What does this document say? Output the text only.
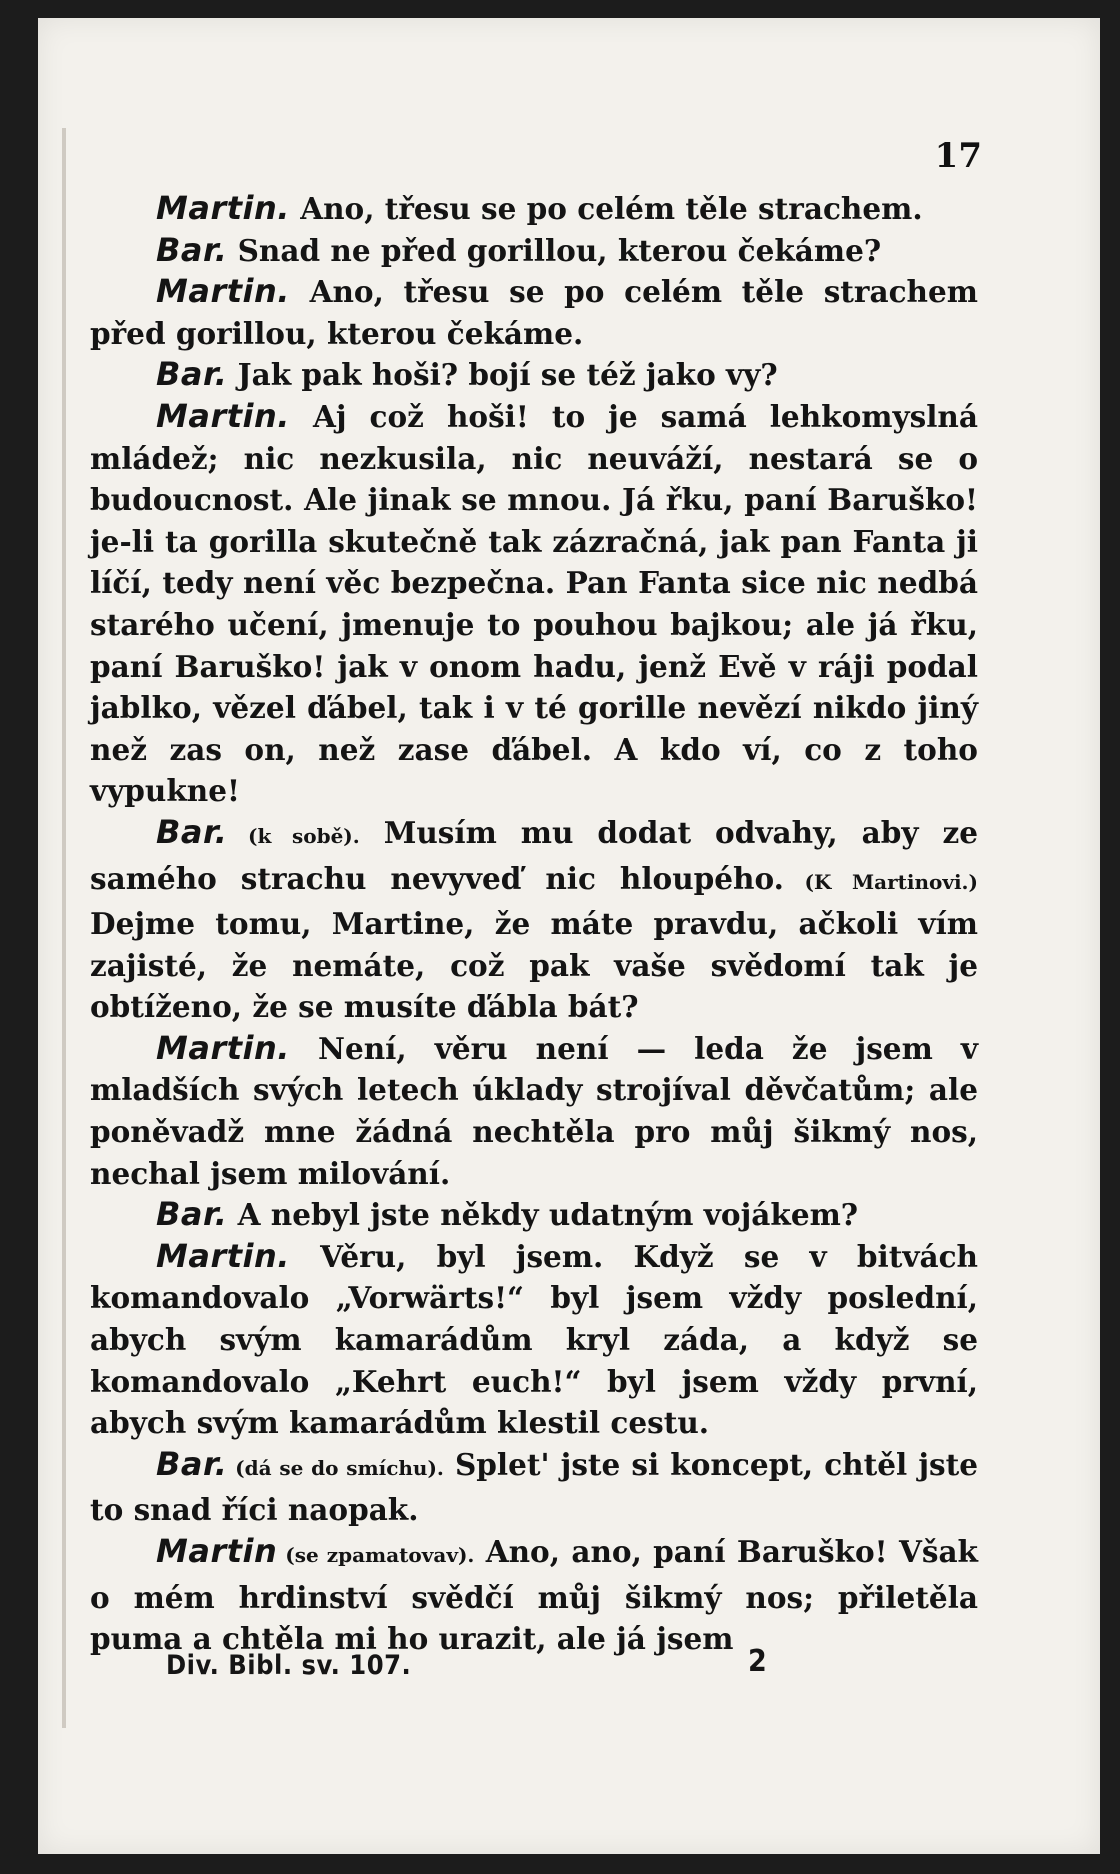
17

Martin. Ano, třesu se po celém těle strachem.

Bar. Snad ne před gorillou, kterou čekáme?

Martin. Ano, třesu se po celém těle strachem před gorillou, kterou čekáme.

Bar. Jak pak hoši? bojí se též jako vy?

Martin. Aj což hoši! to je samá lehkomyslná mládež; nic nezkusila, nic neuváží, nestará se o budoucnost. Ale jinak se mnou. Já řku, paní Baruško! je-li ta gorilla skutečně tak zázračná, jak pan Fanta ji líčí, tedy není věc bezpečna. Pan Fanta sice nic nedbá starého učení, jmenuje to pouhou bajkou; ale já řku, paní Baruško! jak v onom hadu, jenž Evě v ráji podal jablko, vězel ďábel, tak i v té gorille nevězí nikdo jiný než zas on, než zase ďábel. A kdo ví, co z toho vypukne!

Bar. (k sobě). Musím mu dodat odvahy, aby ze samého strachu nevyveď nic hloupého. (K Martinovi.) Dejme tomu, Martine, že máte pravdu, ačkoli vím zajisté, že nemáte, což pak vaše svědomí tak je obtíženo, že se musíte ďábla bát?

Martin. Není, věru není — leda že jsem v mladších svých letech úklady strojíval děvčatům; ale poněvadž mne žádná nechtěla pro můj šikmý nos, nechal jsem milování.

Bar. A nebyl jste někdy udatným vojákem?

Martin. Věru, byl jsem. Když se v bitvách komandovalo „Vorwärts!“ byl jsem vždy poslední, abych svým kamarádům kryl záda, a když se komandovalo „Kehrt euch!“ byl jsem vždy první, abych svým kamarádům klestil cestu.

Bar. (dá se do smíchu). Splet' jste si koncept, chtěl jste to snad říci naopak.

Martin (se zpamatovav). Ano, ano, paní Baruško! Však o mém hrdinství svědčí můj šikmý nos; přiletěla puma a chtěla mi ho urazit, ale já jsem

Div. Bibl. sv. 107.	2
